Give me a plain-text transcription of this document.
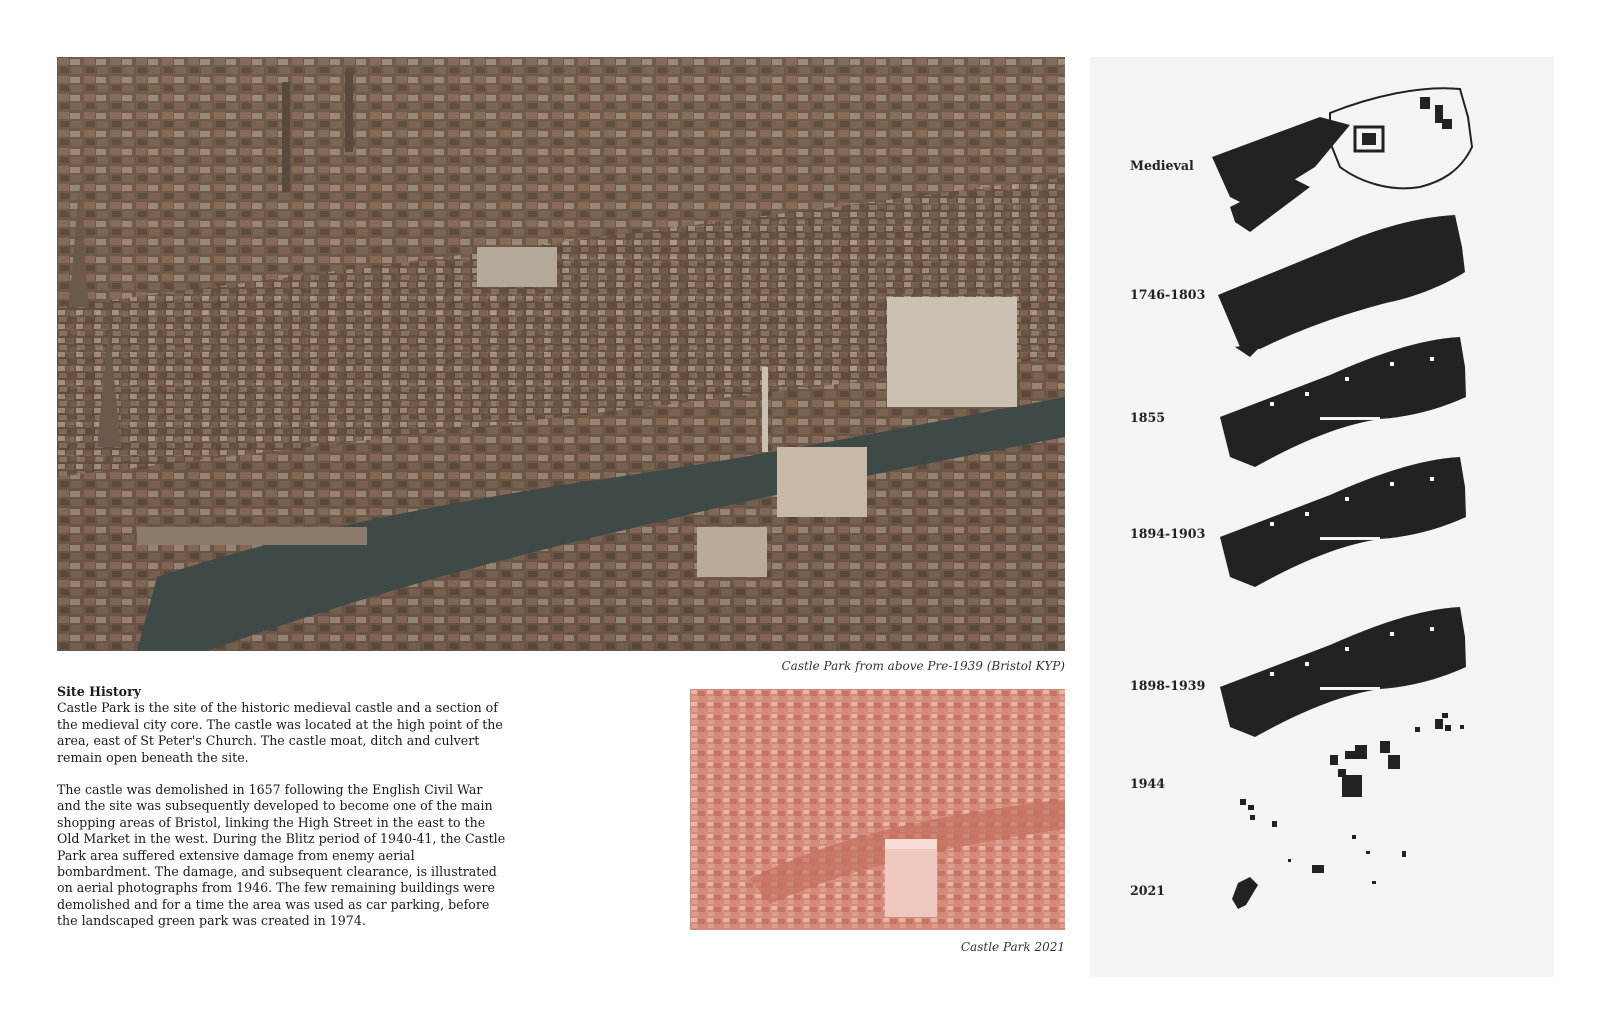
Castle Park from above Pre-1939 (Bristol KYP)
Site History

Castle Park is the site of the historic medieval castle and a section of the medieval city core. The castle was located at the high point of the area, east of St Peter's Church. The castle moat, ditch and culvert remain open beneath the site.

The castle was demolished in 1657 following the English Civil War and the site was subsequently developed to become one of the main shopping areas of Bristol, linking the High Street in the east to the Old Market in the west. During the Blitz period of 1940-41, the Castle Park area suffered extensive damage from enemy aerial bombardment. The damage, and subsequent clearance, is illustrated on aerial photographs from 1946. The few remaining buildings were demolished and for a time the area was used as car parking, before the landscaped green park was created in 1974.

Castle Park 2021
Medieval
1746-1803
1855
1894-1903
1898-1939
1944
2021
